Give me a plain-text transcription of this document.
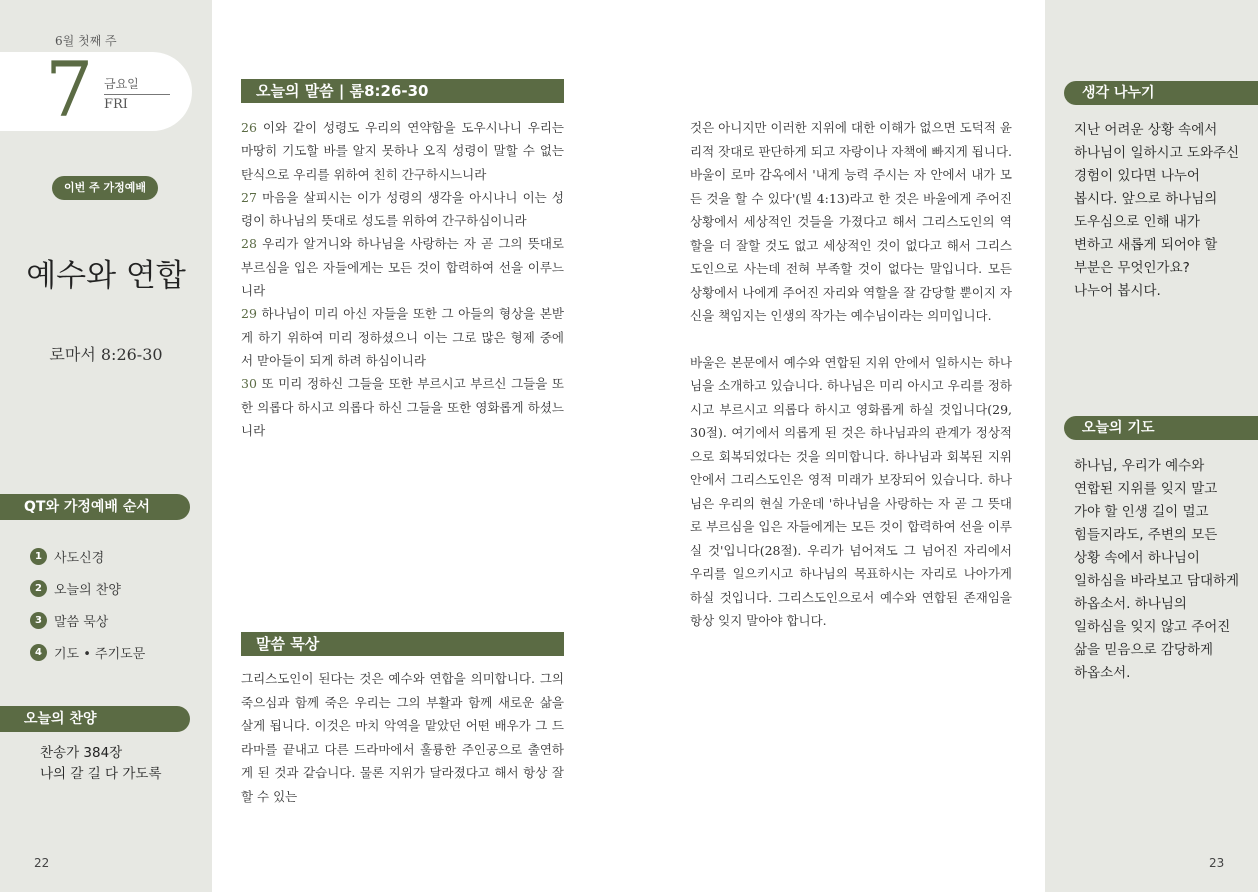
6월 첫째 주
7 금요일
FRI
이번 주 가정예배
예수와 연합
로마서 8:26-30
QT와 가정예배 순서
1 사도신경
2 오늘의 찬양
3 말씀 묵상
4 기도 • 주기도문
오늘의 찬양
찬송가 384장
나의 갈 길 다 가도록
22
오늘의 말씀 | 롬8:26-30
26 이와 같이 성령도 우리의 연약함을 도우시나니 우리는 마땅히 기도할 바를 알지 못하나 오직 성령이 말할 수 없는 탄식으로 우리를 위하여 친히 간구하시느니라
27 마음을 살피시는 이가 성령의 생각을 아시나니 이는 성령이 하나님의 뜻대로 성도를 위하여 간구하심이니라
28 우리가 알거니와 하나님을 사랑하는 자 곧 그의 뜻대로 부르심을 입은 자들에게는 모든 것이 합력하여 선을 이루느니라
29 하나님이 미리 아신 자들을 또한 그 아들의 형상을 본받게 하기 위하여 미리 정하셨으니 이는 그로 많은 형제 중에서 맏아들이 되게 하려 하심이니라
30 또 미리 정하신 그들을 또한 부르시고 부르신 그들을 또한 의롭다 하시고 의롭다 하신 그들을 또한 영화롭게 하셨느니라
말씀 묵상
그리스도인이 된다는 것은 예수와 연합을 의미합니다. 그의 죽으심과 함께 죽은 우리는 그의 부활과 함께 새로운 삶을 살게 됩니다. 이것은 마치 악역을 맡았던 어떤 배우가 그 드라마를 끝내고 다른 드라마에서 훌륭한 주인공으로 출연하게 된 것과 같습니다. 물론 지위가 달라졌다고 해서 항상 잘할 수 있는

것은 아니지만 이러한 지위에 대한 이해가 없으면 도덕적 윤리적 잣대로 판단하게 되고 자랑이나 자책에 빠지게 됩니다. 바울이 로마 감옥에서 '내게 능력 주시는 자 안에서 내가 모든 것을 할 수 있다'(빌 4:13)라고 한 것은 바울에게 주어진 상황에서 세상적인 것들을 가졌다고 해서 그리스도인의 역할을 더 잘할 것도 없고 세상적인 것이 없다고 해서 그리스도인으로 사는데 전혀 부족할 것이 없다는 말입니다. 모든 상황에서 나에게 주어진 자리와 역할을 잘 감당할 뿐이지 자신을 책임지는 인생의 작가는 예수님이라는 의미입니다.

바울은 본문에서 예수와 연합된 지위 안에서 일하시는 하나님을 소개하고 있습니다. 하나님은 미리 아시고 우리를 정하시고 부르시고 의롭다 하시고 영화롭게 하실 것입니다(29, 30절). 여기에서 의롭게 된 것은 하나님과의 관계가 정상적으로 회복되었다는 것을 의미합니다. 하나님과 회복된 지위 안에서 그리스도인은 영적 미래가 보장되어 있습니다. 하나님은 우리의 현실 가운데 '하나님을 사랑하는 자 곧 그 뜻대로 부르심을 입은 자들에게는 모든 것이 합력하여 선을 이루실 것'입니다(28절). 우리가 넘어져도 그 넘어진 자리에서 우리를 일으키시고 하나님의 목표하시는 자리로 나아가게 하실 것입니다. 그리스도인으로서 예수와 연합된 존재임을 항상 잊지 말아야 합니다.

생각 나누기
지난 어려운 상황 속에서
하나님이 일하시고 도와주신
경험이 있다면 나누어
봅시다. 앞으로 하나님의
도우심으로 인해 내가
변하고 새롭게 되어야 할
부분은 무엇인가요?
나누어 봅시다.
오늘의 기도
하나님, 우리가 예수와
연합된 지위를 잊지 말고
가야 할 인생 길이 멀고
힘들지라도, 주변의 모든
상황 속에서 하나님이
일하심을 바라보고 담대하게
하옵소서. 하나님의
일하심을 잊지 않고 주어진
삶을 믿음으로 감당하게
하옵소서.
23
